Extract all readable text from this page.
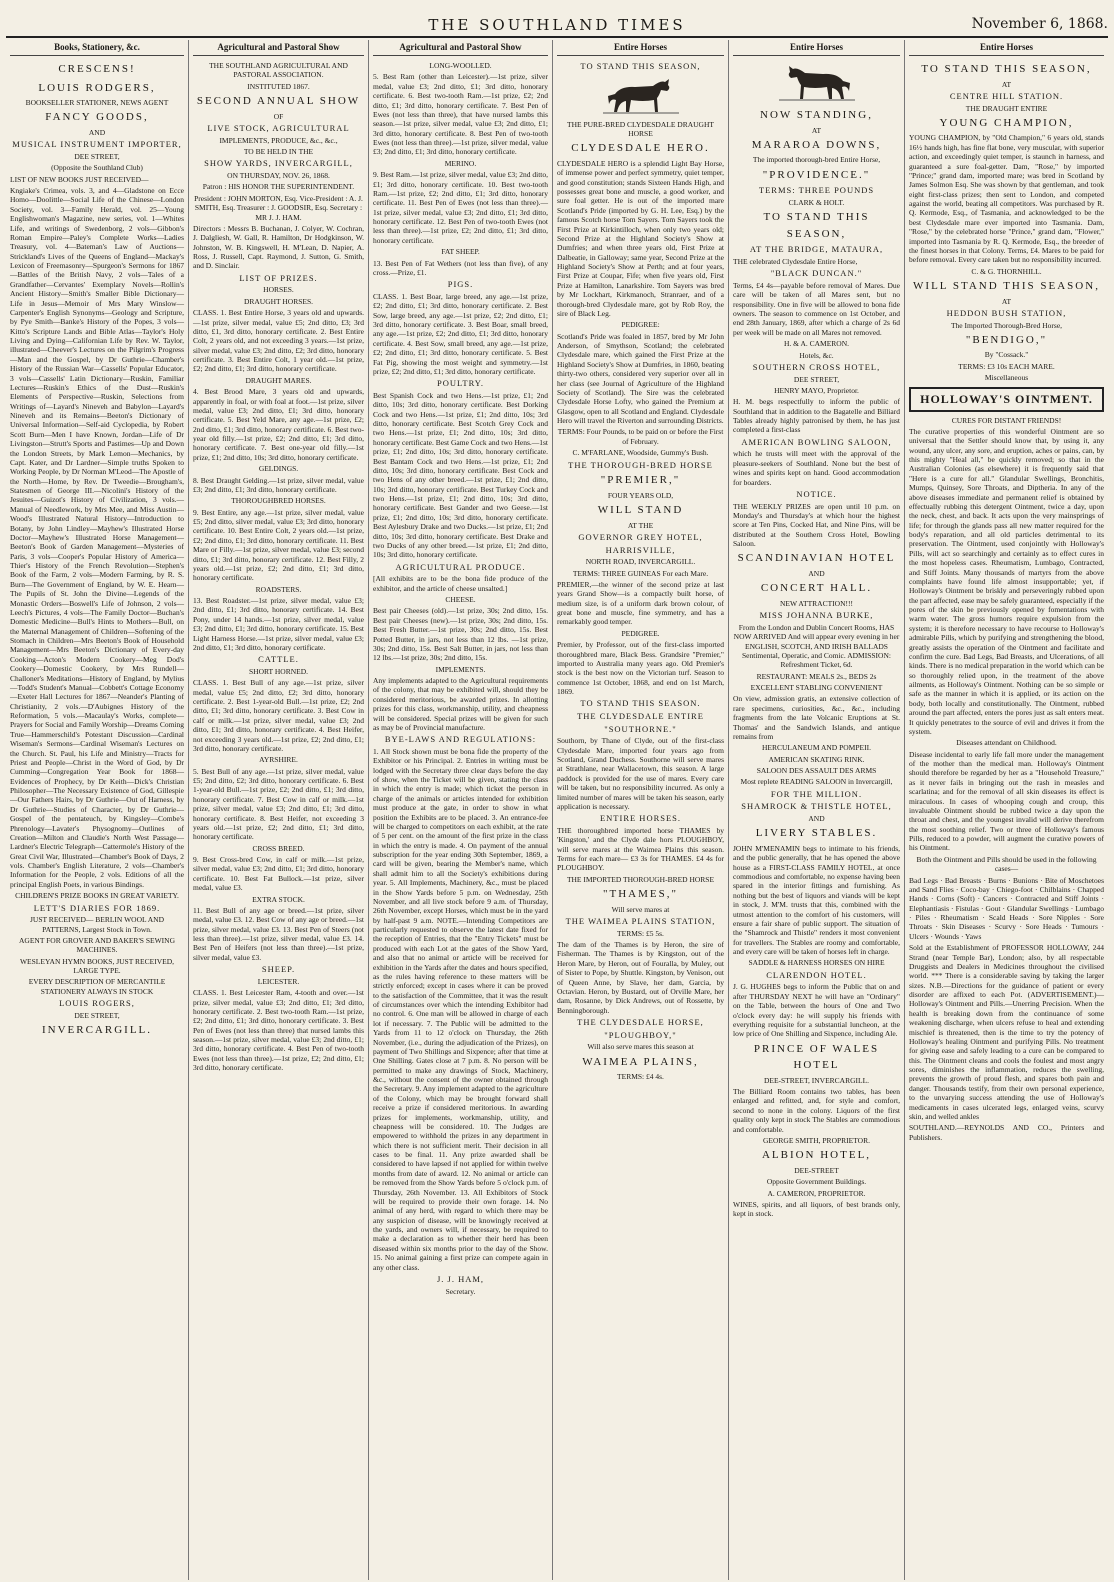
THE SOUTHLAND TIMES	November 6, 1868.
Books, Stationery, &c.

CRESCENS!

LOUIS RODGERS,

BOOKSELLER STATIONER, NEWS AGENT

FANCY GOODS,

AND

MUSICAL INSTRUMENT IMPORTER,

DEE STREET,

(Opposite the Southland Club)

LIST OF NEW BOOKS JUST RECEIVED—

Kngiake's Crimea, vols. 3, and 4—Gladstone on Ecce Homo—Doolittle—Social Life of the Chinese—London Society, vol. 3—Family Herald, vol. 25—Young Englishwoman's Magazine, new series, vol. 1—Whites Life, and writings of Swedenborg, 2 vols—Gibbon's Roman Empire—Paley's Complete Works—Ladies Treasury, vol. 4—Bateman's Law of Auctions—Strickland's Lives of the Queens of England—Mackay's Lexicon of Freemasonry—Spurgeon's Sermons for 1867—Battles of the British Navy, 2 vols—Tales of a Grandfather—Cervantes' Exemplary Novels—Rollin's Ancient History—Smith's Smaller Bible Dictionary—Life in Jesus—Memoir of Mrs Mary Winslow—Carpenter's English Synonyms—Geology and Scripture, by Pye Smith—Banke's History of the Popes, 3 vols—Kitto's Scripture Lands and Bible Atlas—Taylor's Holy Living and Dying—Californian Life by Rev. W. Taylor, illustrated—Cheever's Lectures on the Pilgrim's Progress—Man and the Gospel, by Dr Guthrie—Chamber's History of the Russian War—Cassells' Popular Educator, 3 vols—Cassells' Latin Dictionary—Ruskin, Familiar Lectures—Ruskin's Ethics of the Dust—Ruskin's Elements of Perspective—Ruskin, Selections from Writings of—Layard's Nineveh and Babylon—Layard's Nineveh and its Remains—Beeton's Dictionary of Universal Information—Self-aid Cyclopedia, by Robert Scott Burn—Men I have Known, Jordan—Life of Dr Livingston—Strutt's Sports and Pastimes—Up and Down the London Streets, by Mark Lemon—Mechanics, by Capt. Kater, and Dr Lardner—Simple truths Spoken to Working People, by Dr Norman M'Leod—The Apostle of the North—Home, by Rev. Dr Tweedie—Brougham's, Statesmen of George III.—Nicolini's History of the Jesuites—Guizot's History of Civilization, 3 vols.—Manual of Needlework, by Mrs Mee, and Miss Austin—Wood's Illustrated Natural History—Introduction to Botany, by John Lindley—Mayhew's Illustrated Horse Doctor—Mayhew's Illustrated Horse Management—Beeton's Book of Garden Management—Mysteries of Paris, 3 vols—Cooper's Popular History of America—Thier's History of the French Revolution—Stephen's Book of the Farm, 2 vols—Modern Farming, by R. S. Burn—The Government of England, by W. E. Hearn—The Pupils of St. John the Divine—Legends of the Monastic Orders—Boswell's Life of Johnson, 2 vols—Leech's Pictures, 4 vols—The Family Doctor—Buchan's Domestic Medicine—Bull's Hints to Mothers—Bull, on the Maternal Management of Children—Softening of the Stomach in Children—Mrs Beeton's Book of Household Management—Mrs Beeton's Dictionary of Every-day Cooking—Acton's Modern Cookery—Meg Dod's Cookery—Domestic Cookery, by Mrs Rundell—Challoner's Meditations—History of England, by Mylius—Todd's Student's Manual—Cobbett's Cottage Economy—Exeter Hall Lectures for 1867—Neander's Planting of Christianity, 2 vols.—D'Aubignes History of the Reformation, 5 vols.—Macaulay's Works, complete—Prayers for Social and Family Worship—Dreams Coming True—Hammerschild's Potestant Discussion—Cardinal Wiseman's Sermons—Cardinal Wiseman's Lectures on the Church. St. Paul, his Life and Ministry—Tracts for Priest and People—Christ in the Word of God, by Dr Cumming—Congregation Year Book for 1868—Evidences of Prophecy, by Dr Keith—Dick's Christian Philosopher—The Necessary Existence of God, Gillespie—Our Fathers Hairs, by Dr Guthrie—Out of Harness, by Dr Guthrie—Studies of Character, by Dr Guthrie—Gospel of the pentateuch, by Kingsley—Combe's Phrenology—Lavater's Physognomy—Outlines of Creation—Milton and Claudie's North West Passage—Lardner's Electric Telegraph—Cattermole's History of the Great Civil War, Illustrated—Chamber's Book of Days, 2 vols. Chamber's English Literature, 2 vols—Chamber's Information for the People, 2 vols. Editions of all the principal English Poets, in various Bindings.

CHILDREN'S PRIZE BOOKS IN GREAT VARIETY.

LETT'S DIARIES FOR 1869.

JUST RECEIVED— BERLIN WOOL AND PATTERNS, Largest Stock in Town.

AGENT FOR GROVER AND BAKER'S SEWING MACHINES.

WESLEYAN HYMN BOOKS, JUST RECEIVED, LARGE TYPE.

EVERY DESCRIPTION OF MERCANTILE STATIONERY ALWAYS IN STOCK

LOUIS ROGERS,

DEE STREET,

INVERCARGILL.

Agricultural and Pastoral Show

THE SOUTHLAND AGRICULTURAL AND PASTORAL ASSOCIATION.

INSTITUTED 1867.

SECOND ANNUAL SHOW

OF

LIVE STOCK, AGRICULTURAL

IMPLEMENTS, PRODUCE, &c., &c.,

TO BE HELD IN THE

SHOW YARDS, INVERCARGILL,

ON THURSDAY, NOV. 26, 1868.

Patron : HIS HONOR THE SUPERINTENDENT.

President : JOHN MORTON, Esq. Vice-President : A. J. SMITH, Esq. Treasurer : J. GOODSIR, Esq. Secretary : MR J. J. HAM.

Directors : Messrs B. Buchanan, J. Colyer, W. Cochran, J. Dalgliesh, W. Gall, R. Hamilton, Dr Hodgkinson, W. Johnston, W. B. Kingswell, H. M'Lean, D. Napier, A. Ross, J. Russell, Capt. Raymond, J. Sutton, G. Smith, and D. Sinclair.

LIST OF PRIZES.

HORSES.

DRAUGHT HORSES.

CLASS. 1. Best Entire Horse, 3 years old and upwards.—1st prize, silver medal, value £5; 2nd ditto, £3; 3rd ditto, £1, 3rd ditto, honorary certificate. 2. Best Entire Colt, 2 years old, and not exceeding 3 years.—1st prize, silver medal, value £3; 2nd ditto, £2; 3rd ditto, honorary certificate. 3. Best Entire Colt, 1 year old.—1st prize, £2; 2nd ditto, £1; 3rd ditto, honorary certificate.

DRAUGHT MARES.

4. Best Brood Mare, 3 years old and upwards, apparently in foal, or with foal at foot.—1st prize, silver medal, value £3; 2nd ditto, £1; 3rd ditto, honorary certificate. 5. Best Yeld Mare, any age.—1st prize, £2; 2nd ditto, £1; 3rd ditto, honorary certificate. 6. Best two-year old filly.—1st prize, £2; 2nd ditto, £1; 3rd ditto, honorary certificate. 7. Best one-year old filly.—1st prize, £1; 2nd ditto, 10s; 3rd ditto, honorary certificate.

GELDINGS.

8. Best Draught Gelding.—1st prize, silver medal, value £3; 2nd ditto, £1; 3rd ditto, honorary certificate.

THOROUGHBRED HORSES.

9. Best Entire, any age.—1st prize, silver medal, value £5; 2nd ditto, silver medal, value £3; 3rd ditto, honorary certificate. 10. Best Entire Colt, 2 years old.—1st prize, £2; 2nd ditto, £1; 3rd ditto, honorary certificate. 11. Best Mare or Filly.—1st prize, silver medal, value £3; second ditto, £1; 3rd ditto, honorary certificate. 12. Best Filly, 2 years old.—1st prize, £2; 2nd ditto, £1; 3rd ditto, honorary certificate.

ROADSTERS.

13. Best Roadster.—1st prize, silver medal, value £3; 2nd ditto, £1; 3rd ditto, honorary certificate. 14. Best Pony, under 14 hands.—1st prize, silver medal, value £3; 2nd ditto, £1; 3rd ditto, honorary certificate. 15. Best Light Harness Horse.—1st prize, silver medal, value £3; 2nd ditto, £1; 3rd ditto, honorary certificate.

CATTLE.

SHORT HORNED.

CLASS. 1. Best Bull of any age.—1st prize, silver medal, value £5; 2nd ditto, £2; 3rd ditto, honorary certificate. 2. Best 1-year-old Bull.—1st prize, £2; 2nd ditto, £1; 3rd ditto, honorary certificate. 3. Best Cow in calf or milk.—1st prize, silver medal, value £3; 2nd ditto, £1; 3rd ditto, honorary certificate. 4. Best Heifer, not exceeding 3 years old.—1st prize, £2; 2nd ditto, £1; 3rd ditto, honorary certificate.

AYRSHIRE.

5. Best Bull of any age.—1st prize, silver medal, value £5; 2nd ditto, £2; 3rd ditto, honorary certificate. 6. Best 1-year-old Bull.—1st prize, £2; 2nd ditto, £1; 3rd ditto, honorary certificate. 7. Best Cow in calf or milk.—1st prize, silver medal, value £3; 2nd ditto, £1; 3rd ditto, honorary certificate. 8. Best Heifer, not exceeding 3 years old.—1st prize, £2; 2nd ditto, £1; 3rd ditto, honorary certificate.

CROSS BREED.

9. Best Cross-bred Cow, in calf or milk.—1st prize, silver medal, value £3; 2nd ditto, £1; 3rd ditto, honorary certificate. 10. Best Fat Bullock.—1st prize, silver medal, value £3.

EXTRA STOCK.

11. Best Bull of any age or breed.—1st prize, silver medal, value £3. 12. Best Cow of any age or breed.—1st prize, silver medal, value £3. 13. Best Pen of Steers (not less than three).—1st prize, silver medal, value £3. 14. Best Pen of Heifers (not less than three).—1st prize, silver medal, value £3.

SHEEP.

LEICESTER.

CLASS. 1. Best Leicester Ram, 4-tooth and over.—1st prize, silver medal, value £3; 2nd ditto, £1; 3rd ditto, honorary certificate. 2. Best two-tooth Ram.—1st prize, £2; 2nd ditto, £1; 3rd ditto, honorary certificate. 3. Best Pen of Ewes (not less than three) that nursed lambs this season.—1st prize, silver medal, value £3; 2nd ditto, £1; 3rd ditto, honorary certificate. 4. Best Pen of two-tooth Ewes (not less than three).—1st prize, £2; 2nd ditto, £1; 3rd ditto, honorary certificate.

Agricultural and Pastoral Show

LONG-WOOLLED.

5. Best Ram (other than Leicester).—1st prize, silver medal, value £3; 2nd ditto, £1; 3rd ditto, honorary certificate. 6. Best two-tooth Ram.—1st prize, £2; 2nd ditto, £1; 3rd ditto, honorary certificate. 7. Best Pen of Ewes (not less than three), that have nursed lambs this season.—1st prize, silver medal, value £3; 2nd ditto, £1; 3rd ditto, honorary certificate. 8. Best Pen of two-tooth Ewes (not less than three).—1st prize, silver medal, value £3; 2nd ditto, £1; 3rd ditto, honorary certificate.

MERINO.

9. Best Ram.—1st prize, silver medal, value £3; 2nd ditto, £1; 3rd ditto, honorary certificate. 10. Best two-tooth Ram.—1st prize, £2; 2nd ditto, £1; 3rd ditto, honorary certificate. 11. Best Pen of Ewes (not less than three).—1st prize, silver medal, value £3; 2nd ditto, £1; 3rd ditto, honorary certificate. 12. Best Pen of two-tooth Ewes (not less than three).—1st prize, £2; 2nd ditto, £1; 3rd ditto, honorary certificate.

FAT SHEEP.

13. Best Pen of Fat Wethers (not less than five), of any cross.—Prize, £1.

PIGS.

CLASS. 1. Best Boar, large breed, any age.—1st prize, £2; 2nd ditto, £1; 3rd ditto, honorary certificate. 2. Best Sow, large breed, any age.—1st prize, £2; 2nd ditto, £1; 3rd ditto, honorary certificate. 3. Best Boar, small breed, any age.—1st prize, £2; 2nd ditto, £1; 3rd ditto, honorary certificate. 4. Best Sow, small breed, any age.—1st prize, £2; 2nd ditto, £1; 3rd ditto, honorary certificate. 5. Best Fat Pig, showing the most weight and symmetry.—1st prize, £2; 2nd ditto, £1; 3rd ditto, honorary certificate.

POULTRY.

Best Spanish Cock and two Hens.—1st prize, £1; 2nd ditto, 10s; 3rd ditto, honorary certificate. Best Dorking Cock and two Hens.—1st prize, £1; 2nd ditto, 10s; 3rd ditto, honorary certificate. Best Scotch Grey Cock and two Hens.—1st prize, £1; 2nd ditto, 10s; 3rd ditto, honorary certificate. Best Game Cock and two Hens.—1st prize, £1; 2nd ditto, 10s; 3rd ditto, honorary certificate. Best Bantam Cock and two Hens.—1st prize, £1; 2nd ditto, 10s; 3rd ditto, honorary certificate. Best Cock and two Hens of any other breed.—1st prize, £1; 2nd ditto, 10s; 3rd ditto, honorary certificate. Best Turkey Cock and two Hens.—1st prize, £1; 2nd ditto, 10s; 3rd ditto, honorary certificate. Best Gander and two Geese.—1st prize, £1; 2nd ditto, 10s; 3rd ditto, honorary certificate. Best Aylesbury Drake and two Ducks.—1st prize, £1; 2nd ditto, 10s; 3rd ditto, honorary certificate. Best Drake and two Ducks of any other breed.—1st prize, £1; 2nd ditto, 10s; 3rd ditto, honorary certificate.

AGRICULTURAL PRODUCE.

[All exhibits are to be the bona fide produce of the exhibitor, and the article of cheese unsalted.]

CHEESE.

Best pair Cheeses (old).—1st prize, 30s; 2nd ditto, 15s. Best pair Cheeses (new).—1st prize, 30s; 2nd ditto, 15s. Best Fresh Butter.—1st prize, 30s; 2nd ditto, 15s. Best Potted Butter, in jars, not less than 12 lbs. —1st prize, 30s; 2nd ditto, 15s. Best Salt Butter, in jars, not less than 12 lbs.—1st prize, 30s; 2nd ditto, 15s.

IMPLEMENTS.

Any implements adapted to the Agricultural requirements of the colony, that may be exhibited will, should they be considered meritorious, be awarded prizes. In allotting prizes for this class, workmanship, utility, and cheapness will be considered. Special prizes will be given for such as may be of Provincial manufacture.

BYE-LAWS AND REGULATIONS:

1. All Stock shown must be bona fide the property of the Exhibitor or his Principal. 2. Entries in writing must be lodged with the Secretary three clear days before the day of show, when the Ticket will be given, stating the class in which the entry is made; which ticket the person in charge of the animals or articles intended for exhibition must produce at the gate, in order to show in what position the Exhibits are to be placed. 3. An entrance-fee will be charged to competitors on each exhibit, at the rate of 5 per cent. on the amount of the first prize in the class in which the entry is made. 4. On payment of the annual subscription for the year ending 30th September, 1869, a card will be given, bearing the Member's name, which shall admit him to all the Society's exhibitions during year. 5. All Implements, Machinery, &c., must be placed in the Show Yards before 5 p.m. on Wednesday, 25th November, and all live stock before 9 a.m. of Thursday, 26th November, except Horses, which must be in the yard by half-past 9 a.m. NOTE.—Intending Competitors are particularly requested to observe the latest date fixed for the reception of Entries, that the "Entry Tickets" must be produced with each Lot at the gates of the Show Yard, and also that no animal or article will be received for exhibition in the Yards after the dates and hours specified, as the rules having reference to these matters will be strictly enforced; except in cases where it can be proved to the satisfaction of the Committee, that it was the result of circumstances over which the intending Exhibitor had no control. 6. One man will be allowed in charge of each lot if necessary. 7. The Public will be admitted to the Yards from 11 to 12 o'clock on Thursday, the 26th November, (i.e., during the adjudication of the Prizes), on payment of Two Shillings and Sixpence; after that time at One Shilling. Gates close at 7 p.m. 8. No person will be permitted to make any drawings of Stock, Machinery, &c., without the consent of the owner obtained through the Secretary. 9. Any implement adapted to the agriculture of the Colony, which may be brought forward shall receive a prize if considered meritorious. In awarding prizes for implements, workmanship, utility, and cheapness will be considered. 10. The Judges are empowered to withhold the prizes in any department in which there is not sufficient merit. Their decision in all cases to be final. 11. Any prize awarded shall be considered to have lapsed if not applied for within twelve months from date of award. 12. No animal or article can be removed from the Show Yards before 5 o'clock p.m. of Thursday, 26th November. 13. All Exhibitors of Stock will be required to provide their own forage. 14. No animal of any herd, with regard to which there may be any suspicion of disease, will be knowingly received at the yards, and owners will, if necessary, be required to make a declaration as to whether their herd has been diseased within six months prior to the day of the Show. 15. No animal gaining a first prize can compete again in any other class.

J. J. HAM,

Secretary.

Entire Horses

TO STAND THIS SEASON,

THE PURE-BRED CLYDESDALE DRAUGHT HORSE

CLYDESDALE HERO.

CLYDESDALE HERO is a splendid Light Bay Horse, of immense power and perfect symmetry, quiet temper, and good constitution; stands Sixteen Hands High, and possesses great bone and muscle, a good worker, and sure foal getter. He is out of the imported mare Scotland's Pride (imported by G. H. Lee, Esq.) by the famous Scotch horse Tom Sayers. Tom Sayers took the First Prize at Kirkintilloch, when only two years old; Second Prize at the Highland Society's Show at Dumfries; and when three years old, First Prize at Dalbeatie, in Galloway; same year, Second Prize at the Highland Society's Show at Perth; and at four years, First Prize at Coupar, Fife; when five years old, First Prize at Hamilton, Lanarkshire. Tom Sayers was bred by Mr Lockhart, Kirkmanoch, Stranraer, and of a thorough-bred Clydesdale mare, got by Rob Roy, the sire of Black Leg.

PEDIGREE:

Scotland's Pride was foaled in 1857, bred by Mr John Anderson, of Smythson, Scotland; the celebrated Clydesdale mare, which gained the First Prize at the Highland Society's Show at Dumfries, in 1860, beating thirty-two others, considered very superior over all in her class (see Journal of Agriculture of the Highland Society of Scotland). The Sire was the celebrated Clydesdale Horse Lofty, who gained the Premium at Glasgow, open to all Scotland and England. Clydesdale Hero will travel the Riverton and surrounding Districts.

TERMS: Four Pounds, to be paid on or before the First of February.

C. M'FARLANE, Woodside, Gummy's Bush.

THE THOROUGH-BRED HORSE

"PREMIER,"

FOUR YEARS OLD,

WILL STAND

AT THE

GOVERNOR GREY HOTEL,

HARRISVILLE,

NORTH ROAD, INVERCARGILL.

TERMS: THREE GUINEAS For each Mare.

PREMIER,—the winner of the second prize at last years Grand Show—is a compactly built horse, of medium size, is of a uniform dark brown colour, of great bone and muscle, fine symmetry, and has a remarkably good temper.

PEDIGREE.

Premier, by Professor, out of the first-class imported thoroughbred mare, Black Bess. Grandsire "Premier," imported to Australia many years ago. Old Premier's stock is the best now on the Victorian turf. Season to commence 1st October, 1868, and end on 1st March, 1869.

TO STAND THIS SEASON.

THE CLYDESDALE ENTIRE

"SOUTHORNE."

Southorn, by Thane of Clyde, out of the first-class Clydesdale Mare, imported four years ago from Scotland, Grand Duchess. Southorne will serve mares at Strathlane, near Wallacetown, this season. A large paddock is provided for the use of mares. Every care will be taken, but no responsibility incurred. As only a limited number of mares will be taken his season, early application is necessary.

ENTIRE HORSES.

THE thoroughbred imported horse THAMES by 'Kingston,' and the Clyde dale hors PLOUGHBOY, will serve mares at the Waimea Plains this season. Terms for each mare— £3 3s for THAMES. £4 4s for PLOUGHBOY.

THE IMPORTED THOROUGH-BRED HORSE

"THAMES,"

Will serve mares at

THE WAIMEA PLAINS STATION,

TERMS: £5 5s.

The dam of the Thames is by Heron, the sire of Fisherman. The Thames is by Kingston, out of the Heron Mare, by Heron, out of Fouralla, by Muley, out of Sister to Pope, by Shuttle. Kingston, by Venison, out of Queen Anne, by Slave, her dam, Garcia, by Octavian. Heron, by Bustard, out of Orville Mare, her dam, Rosanne, by Dick Andrews, out of Rossette, by Benningborough.

THE CLYDESDALE HORSE,

"PLOUGHBOY,"

Will also serve mares this season at

WAIMEA PLAINS,

TERMS: £4 4s.

Entire Horses

NOW STANDING,

AT

MARAROA DOWNS,

The imported thorough-bred Entire Horse,

"PROVIDENCE."

TERMS: THREE POUNDS

CLARK & HOLT.

TO STAND THIS SEASON,

AT THE BRIDGE, MATAURA,

THE celebrated Clydesdale Entire Horse,

"BLACK DUNCAN."

Terms, £4 4s—payable before removal of Mares. Due care will be taken of all Mares sent, but no responsibility. One in five will be allowed to bona fide owners. The season to commence on 1st October, and end 28th January, 1869, after which a charge of 2s 6d per week will be made on all Mares not removed.

H. & A. CAMERON.

Hotels, &c.

SOUTHERN CROSS HOTEL,

DEE STREET,

HENRY MAYO, Proprietor.

H. M. begs respectfully to inform the public of Southland that in addition to the Bagatelle and Billiard Tables already highly patronised by them, he has just completed a first-class

AMERICAN BOWLING SALOON,

which he trusts will meet with the approval of the pleasure-seekers of Southland. None but the best of wines and spirits kept on hand. Good accommodation for boarders.

NOTICE.

THE WEEKLY PRIZES are open until 10 p.m. on Monday's and Thursday's at which hour the highest score at Ten Pins, Cocked Hat, and Nine Pins, will be distributed at the Southern Cross Hotel, Bowling Saloon.

SCANDINAVIAN HOTEL

AND

CONCERT HALL.

NEW ATTRACTION!!!

MISS JOHANNA BURKE,

From the London and Dublin Concert Rooms, HAS NOW ARRIVED And will appear every evening in her ENGLISH, SCOTCH, AND IRISH BALLADS Sentimental, Operatic, and Comic. ADMISSION: Refreshment Ticket, 6d.

RESTAURANT: MEALS 2s., BEDS 2s

EXCELLENT STABLING CONVENIENT

On view, admission gratis, an extensive collection of rare specimens, curiosities, &c., &c., including fragments from the late Volcanic Eruptions at St. Thomas' and the Sandwich Islands, and antique remains from

HERCULANEUM AND POMPEII.

AMERICAN SKATING RINK.

SALOON DES ASSAULT DES ARMS

Most replete READING SALOON in Invercargill,

FOR THE MILLION.

SHAMROCK & THISTLE HOTEL,

AND

LIVERY STABLES.

JOHN M'MENAMIN begs to intimate to his friends, and the public generally, that he has opened the above house as a FIRST-CLASS FAMILY HOTEL, at once commodious and comfortable, no expense having been spared in the interior fittings and furnishing. As nothing but the best of liquors and viands will be kept in stock, J. M'M. trusts that this, combined with the utmost attention to the comfort of his customers, will ensure a fair share of public support. The situation of the "Shamrock and Thistle" renders it most convenient for travellers. The Stables are roomy and comfortable, and every care will be taken of horses left in charge.

SADDLE & HARNESS HORSES ON HIRE

CLARENDON HOTEL.

J. G. HUGHES begs to inform the Public that on and after THURSDAY NEXT he will have an "Ordinary" on the Table, between the hours of One and Two o'clock every day: he will supply his friends with everything requisite for a substantial luncheon, at the low price of One Shilling and Sixpence, including Ale.

PRINCE OF WALES HOTEL

DEE-STREET, INVERCARGILL.

The Billiard Room contains two tables, has been enlarged and refitted, and, for style and comfort, second to none in the colony. Liquors of the first quality only kept in stock The Stables are commodious and comfortable.

GEORGE SMITH, PROPRIETOR.

ALBION HOTEL,

DEE-STREET

Opposite Government Buildings.

A. CAMERON, PROPRIETOR.

WINES, spirits, and all liquors, of best brands only, kept in stock.

Entire Horses

TO STAND THIS SEASON,

AT

CENTRE HILL STATION.

THE DRAUGHT ENTIRE

YOUNG CHAMPION,

YOUNG CHAMPION, by "Old Champion," 6 years old, stands 16½ hands high, has fine flat bone, very muscular, with superior action, and exceedingly quiet temper, is staunch in harness, and guaranteed a sure foal-getter. Dam, "Rose," by imported "Prince;" grand dam, imported mare; was bred in Scotland by James Solmon Esq. She was shown by that gentleman, and took eight first-class prizes; then sent to London, and competed against the world, beating all competitors. Was purchased by R. Q. Kermode, Esq., of Tasmania, and acknowledged to be the best Clydesdale mare ever imported into Tasmania. Dam, "Rose," by the celebrated horse "Prince," grand dam, "Flower," imported into Tasmania by R. Q. Kermode, Esq., the breeder of the finest horses in that Colony. Terms, £4. Mares to be paid for before removal. Every care taken but no responsibility incurred.

C. & G. THORNHILL.

WILL STAND THIS SEASON,

AT

HEDDON BUSH STATION,

The Imported Thorough-Bred Horse,

"BENDIGO,"

By "Cossack."

TERMS: £3 10s EACH MARE.

Miscellaneous

HOLLOWAY'S OINTMENT.

CURES FOR DISTANT FRIENDS!

The curative properties of this wonderful Ointment are so universal that the Settler should know that, by using it, any wound, any ulcer, any sore, and eruption, aches or pains, can, by this mighty "Heal all," be quickly removed; so that in the Australian Colonies (as elsewhere) it is frequently said that "Here is a cure for all." Glandular Swellings, Bronchitis, Mumps, Quinsey, Sore Throats, and Diptheria. In any of the above diseases immediate and permanent relief is obtained by effectually rubbing this detergent Ointment, twice a day, upon the neck, chest, and back. It acts upon the very mainsprings of life; for through the glands pass all new matter required for the body's reparation, and all old particles detrimental to its preservation. The Ointment, used conjointly with Holloway's Pills, will act so searchingly and certainly as to effect cures in the most hopeless cases. Rheumatism, Lumbago, Contracted, and Stiff Joints. Many thousands of martyrs from the above complaints have found life almost insupportable; yet, if Holloway's Ointment be briskly and perseveringly rubbed upon the part affected, ease may be safely guaranteed, especially if the pores of the skin be previously opened by fomentations with warm water. The gross humors require expulsion from the system; it is therefore necessary to have recourse to Holloway's admirable Pills, which by purifying and strengthening the blood, greatly assists the operation of the Ointment and facilitate and confirm the cure. Bad Legs, Bad Breasts, and Ulcerations, of all kinds. There is no medical preparation in the world which can be so thoroughly relied upon, in the treatment of the above ailments, as Holloway's Ointment. Nothing can be so simple or safe as the manner in which it is applied, or its action on the body, both locally and constitutionally. The Ointment, rubbed around the part affected, enters the pores just as salt enters meat. It quickly penetrates to the source of evil and drives it from the system.

Diseases attendant on Childhood.

Disease incidental to early life fall more under the management of the mother than the medical man. Holloway's Ointment should therefore be regarded by her as a "Household Treasure," as it never fails in bringing out the rash in measles and scarlatina; and for the removal of all skin diseases its effect is miraculous. In cases of whooping cough and croup, this invaluable Ointment should be rubbed twice a day upon the throat and chest, and the youngest invalid will derive therefrom the most soothing relief. Two or three of Holloway's famous Pills, reduced to a powder, will augment the curative powers of his Ointment.

Both the Ointment and Pills should be used in the following cases—

Bad Legs · Bad Breasts · Burns · Bunions · Bite of Moschetoes and Sand Flies · Coco-bay · Chiego-foot · Chilblains · Chapped Hands · Corns (Soft) · Cancers · Contracted and Stiff Joints · Elephantiasis · Fistulas · Gout · Glandular Swellings · Lumbago · Piles · Rheumatism · Scald Heads · Sore Nipples · Sore Throats · Skin Diseases · Scurvy · Sore Heads · Tumours · Ulcers · Wounds · Yaws

Sold at the Establishment of PROFESSOR HOLLOWAY, 244 Strand (near Temple Bar), London; also, by all respectable Druggists and Dealers in Medicines throughout the civilised world. *** There is a considerable saving by taking the larger sizes. N.B.—Directions for the guidance of patient or every disorder are affixed to each Pot. (ADVERTISEMENT.)—Holloway's Ointment and Pills.—Unerring Precision. When the health is breaking down from the continuance of some weakening discharge, when ulcers refuse to heal and extending mischief is threatened, then is the time to try the potency of Holloway's healing Ointment and purifying Pills. No treatment for giving ease and safely leading to a cure can be compared to this. The Ointment cleans and cools the foulest and most angry sores, diminishes the inflammation, reduces the swelling, prevents the growth of proud flesh, and spares both pain and danger. Thousands testify, from their own personal experience, to the unvarying success attending the use of Holloway's medicaments in cases ulcerated legs, enlarged veins, scurvy skin, and welled ankles

SOUTHLAND.—REYNOLDS AND CO., Printers and Publishers.
